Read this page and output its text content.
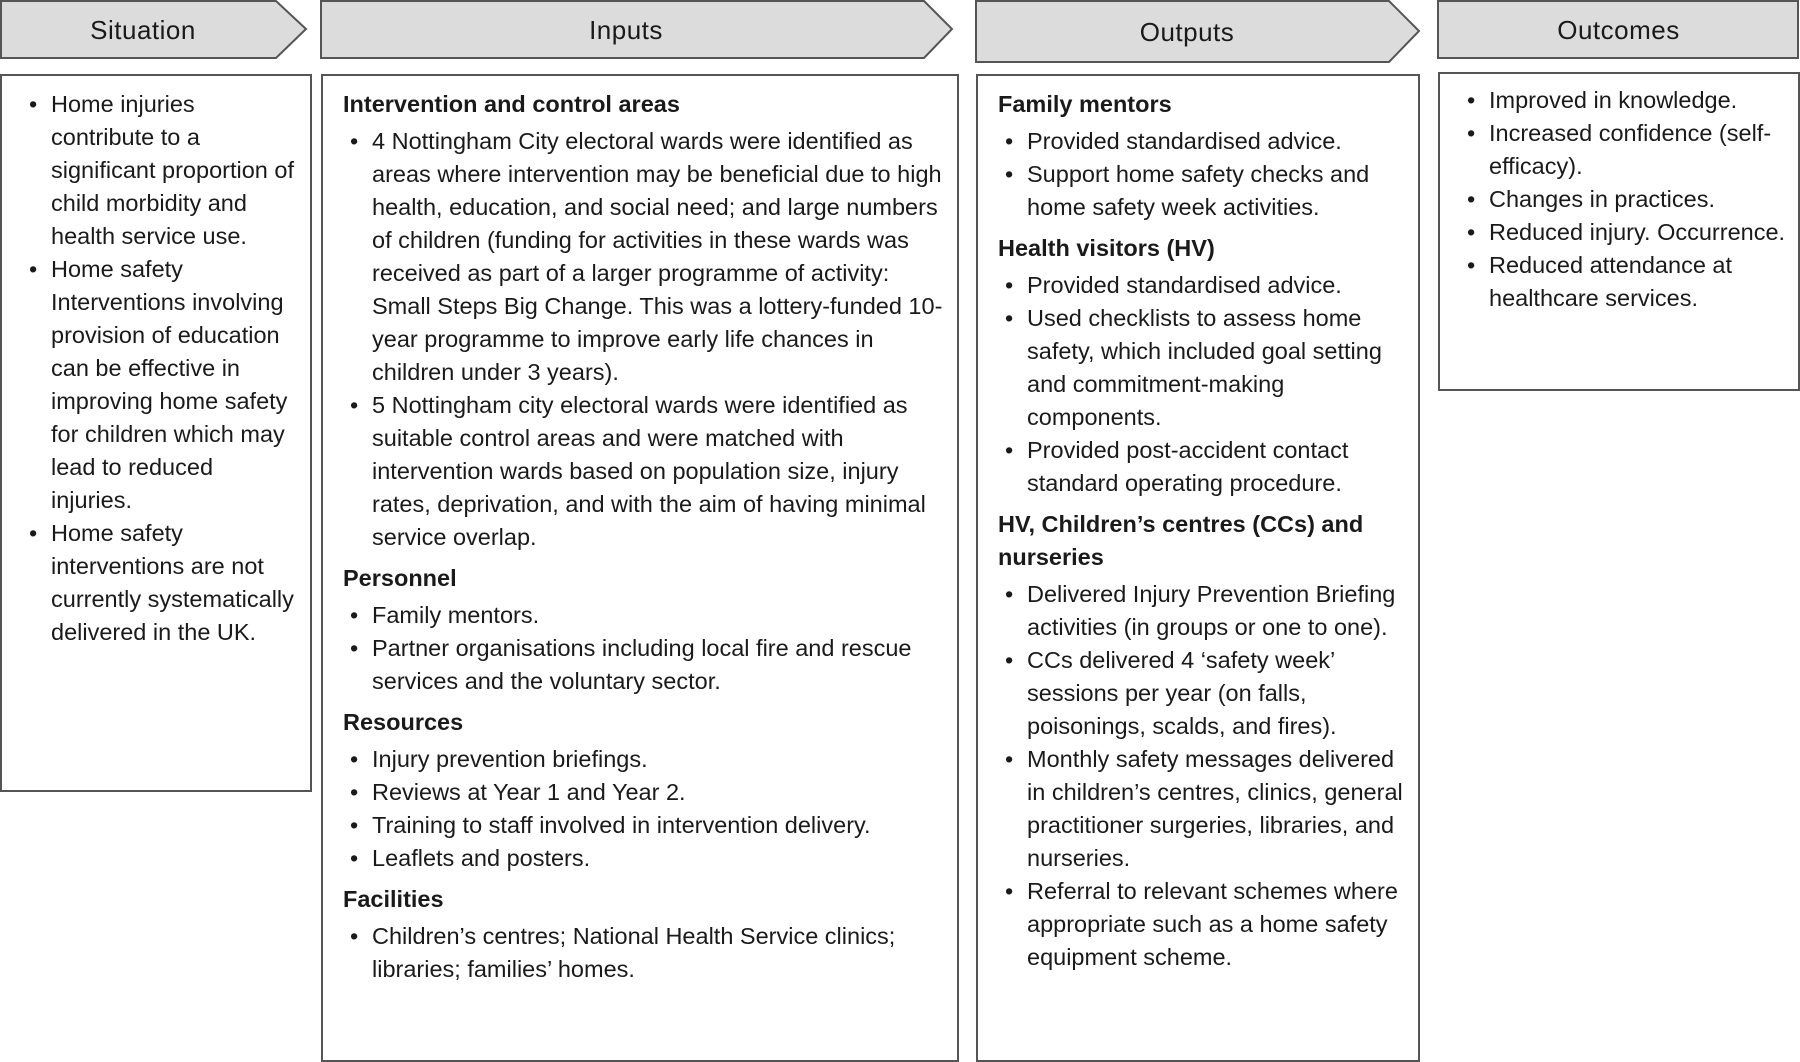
Situation	Inputs	Outputs	Outcomes
• Home injuries contribute to a significant proportion of child morbidity and health service use.
• Home safety Interventions involving provision of education can be effective in improving home safety for children which may lead to reduced injuries.
• Home safety interventions are not currently systematically delivered in the UK.
Intervention and control areas
• 4 Nottingham City electoral wards were identified as areas where intervention may be beneficial due to high health, education, and social need; and large numbers of children (funding for activities in these wards was received as part of a larger programme of activity: Small Steps Big Change. This was a lottery-funded 10-year programme to improve early life chances in children under 3 years).
• 5 Nottingham city electoral wards were identified as suitable control areas and were matched with intervention wards based on population size, injury rates, deprivation, and with the aim of having minimal service overlap.
Personnel
• Family mentors.
• Partner organisations including local fire and rescue services and the voluntary sector.
Resources
• Injury prevention briefings.
• Reviews at Year 1 and Year 2.
• Training to staff involved in intervention delivery.
• Leaflets and posters.
Facilities
• Children’s centres; National Health Service clinics; libraries; families’ homes.
Family mentors
• Provided standardised advice.
• Support home safety checks and home safety week activities.
Health visitors (HV)
• Provided standardised advice.
• Used checklists to assess home safety, which included goal setting and commitment-making components.
• Provided post-accident contact standard operating procedure.
HV, Children’s centres (CCs) and nurseries
• Delivered Injury Prevention Briefing activities (in groups or one to one).
• CCs delivered 4 ‘safety week’ sessions per year (on falls, poisonings, scalds, and fires).
• Monthly safety messages delivered in children’s centres, clinics, general practitioner surgeries, libraries, and nurseries.
• Referral to relevant schemes where appropriate such as a home safety equipment scheme.
• Improved in knowledge.
• Increased confidence (self-efficacy).
• Changes in practices.
• Reduced injury. Occurrence.
• Reduced attendance at healthcare services.
